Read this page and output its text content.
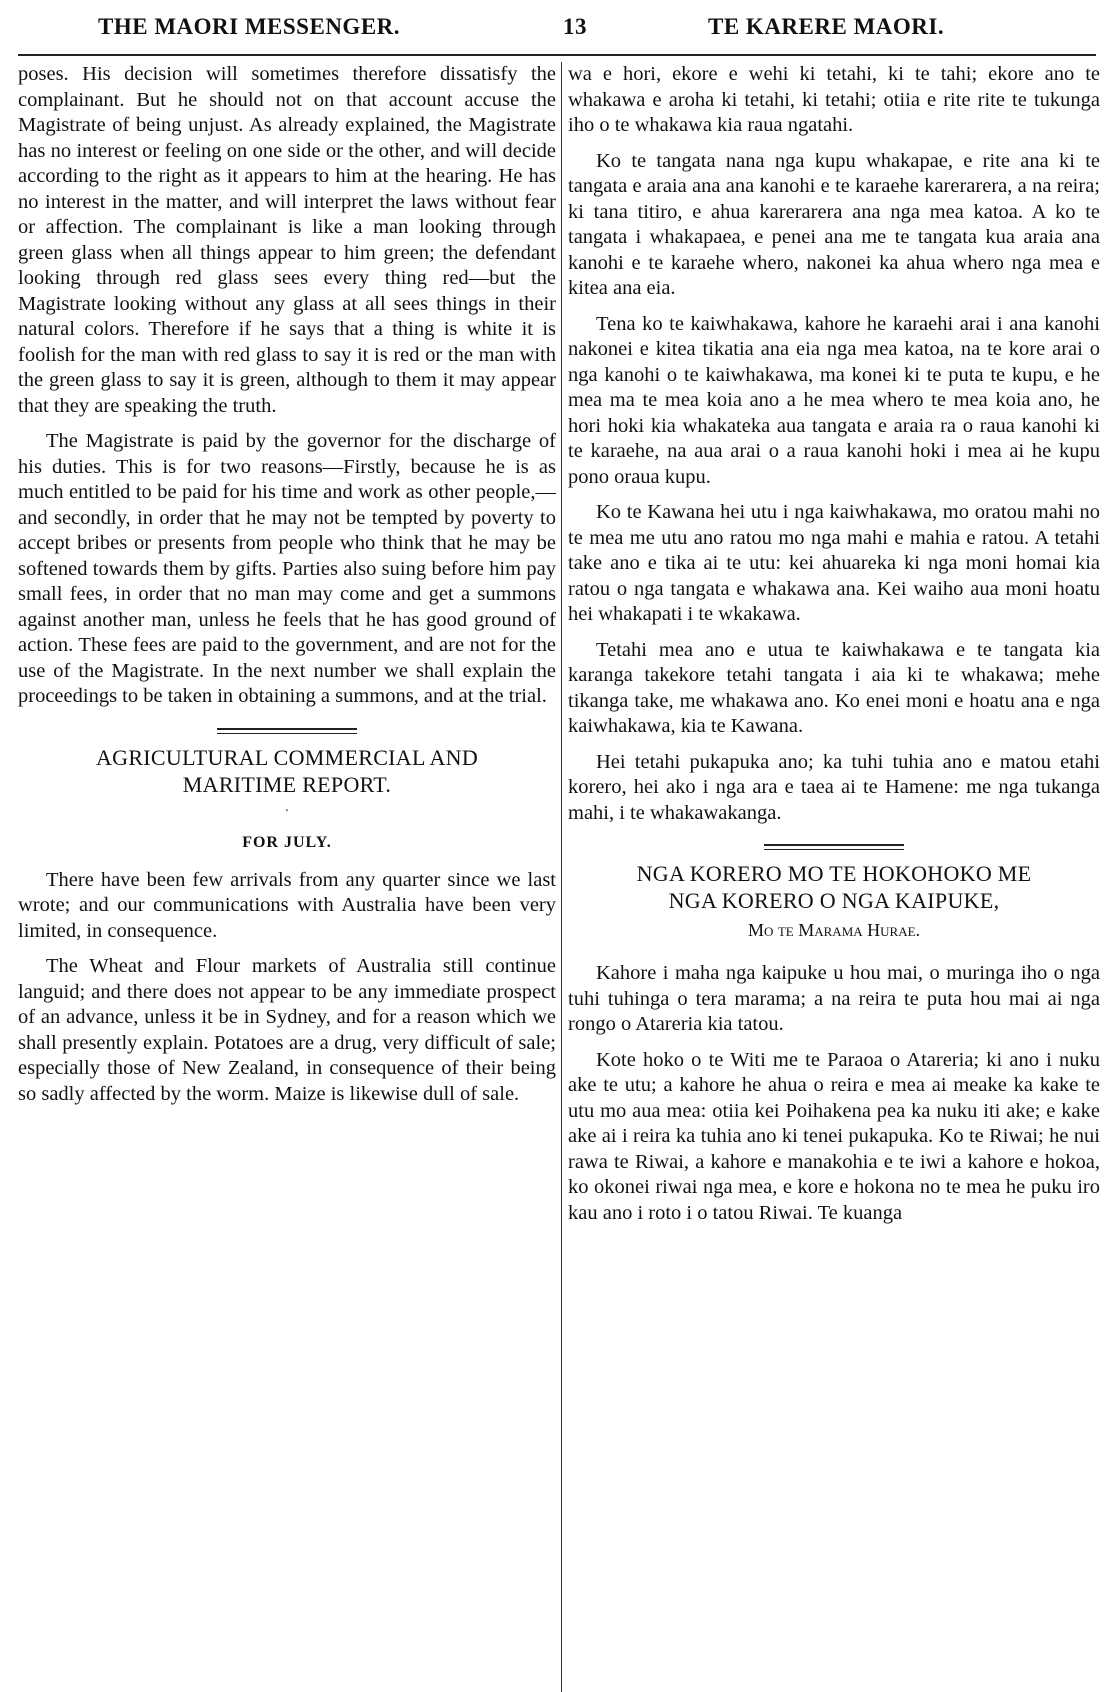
THE MAORI MESSENGER.	13	TE KARERE MAORI.

poses. His decision will sometimes therefore dissatisfy the complainant. But he should not on that account accuse the Magistrate of being unjust. As already explained, the Magistrate has no interest or feeling on one side or the other, and will decide according to the right as it appears to him at the hearing. He has no interest in the matter, and will interpret the laws without fear or affection. The complainant is like a man looking through green glass when all things appear to him green; the defendant looking through red glass sees every thing red—but the Magistrate looking without any glass at all sees things in their natural colors. Therefore if he says that a thing is white it is foolish for the man with red glass to say it is red or the man with the green glass to say it is green, although to them it may appear that they are speaking the truth.

The Magistrate is paid by the governor for the discharge of his duties. This is for two reasons—Firstly, because he is as much entitled to be paid for his time and work as other people,—and secondly, in order that he may not be tempted by poverty to accept bribes or presents from people who think that he may be softened towards them by gifts. Parties also suing before him pay small fees, in order that no man may come and get a summons against another man, unless he feels that he has good ground of action. These fees are paid to the government, and are not for the use of the Magistrate. In the next number we shall explain the proceedings to be taken in obtaining a summons, and at the trial.

AGRICULTURAL COMMERCIAL AND
MARITIME REPORT.
·
FOR JULY.

There have been few arrivals from any quarter since we last wrote; and our communications with Australia have been very limited, in consequence.

The Wheat and Flour markets of Australia still continue languid; and there does not appear to be any immediate prospect of an advance, unless it be in Sydney, and for a reason which we shall presently explain. Potatoes are a drug, very difficult of sale; especially those of New Zealand, in consequence of their being so sadly affected by the worm. Maize is likewise dull of sale.

wa e hori, ekore e wehi ki tetahi, ki te tahi; ekore ano te whakawa e aroha ki tetahi, ki tetahi; otiia e rite rite te tukunga iho o te whakawa kia raua ngatahi.

Ko te tangata nana nga kupu whakapae, e rite ana ki te tangata e araia ana ana kanohi e te karaehe karerarera, a na reira; ki tana titiro, e ahua karerarera ana nga mea katoa. A ko te tangata i whakapaea, e penei ana me te tangata kua araia ana kanohi e te karaehe whero, nakonei ka ahua whero nga mea e kitea ana eia.

Tena ko te kaiwhakawa, kahore he karaehi arai i ana kanohi nakonei e kitea tikatia ana eia nga mea katoa, na te kore arai o nga kanohi o te kaiwhakawa, ma konei ki te puta te kupu, e he mea ma te mea koia ano a he mea whero te mea koia ano, he hori hoki kia whakateka aua tangata e araia ra o raua kanohi ki te karaehe, na aua arai o a raua kanohi hoki i mea ai he kupu pono oraua kupu.

Ko te Kawana hei utu i nga kaiwhakawa, mo oratou mahi no te mea me utu ano ratou mo nga mahi e mahia e ratou. A tetahi take ano e tika ai te utu: kei ahuareka ki nga moni homai kia ratou o nga tangata e whakawa ana. Kei waiho aua moni hoatu hei whakapati i te wkakawa.

Tetahi mea ano e utua te kaiwhakawa e te tangata kia karanga takekore tetahi tangata i aia ki te whakawa; mehe tikanga take, me whakawa ano. Ko enei moni e hoatu ana e nga kaiwhakawa, kia te Kawana.

Hei tetahi pukapuka ano; ka tuhi tuhia ano e matou etahi korero, hei ako i nga ara e taea ai te Hamene: me nga tukanga mahi, i te whakawakanga.

NGA KORERO MO TE HOKOHOKO ME
NGA KORERO O NGA KAIPUKE,
Mo te Marama Hurae.

Kahore i maha nga kaipuke u hou mai, o muringa iho o nga tuhi tuhinga o tera marama; a na reira te puta hou mai ai nga rongo o Atareria kia tatou.

Kote hoko o te Witi me te Paraoa o Atareria; ki ano i nuku ake te utu; a kahore he ahua o reira e mea ai meake ka kake te utu mo aua mea: otiia kei Poihakena pea ka nuku iti ake; e kake ake ai i reira ka tuhia ano ki tenei pukapuka. Ko te Riwai; he nui rawa te Riwai, a kahore e manakohia e te iwi a kahore e hokoa, ko okonei riwai nga mea, e kore e hokona no te mea he puku iro kau ano i roto i o tatou Riwai. Te kuanga
